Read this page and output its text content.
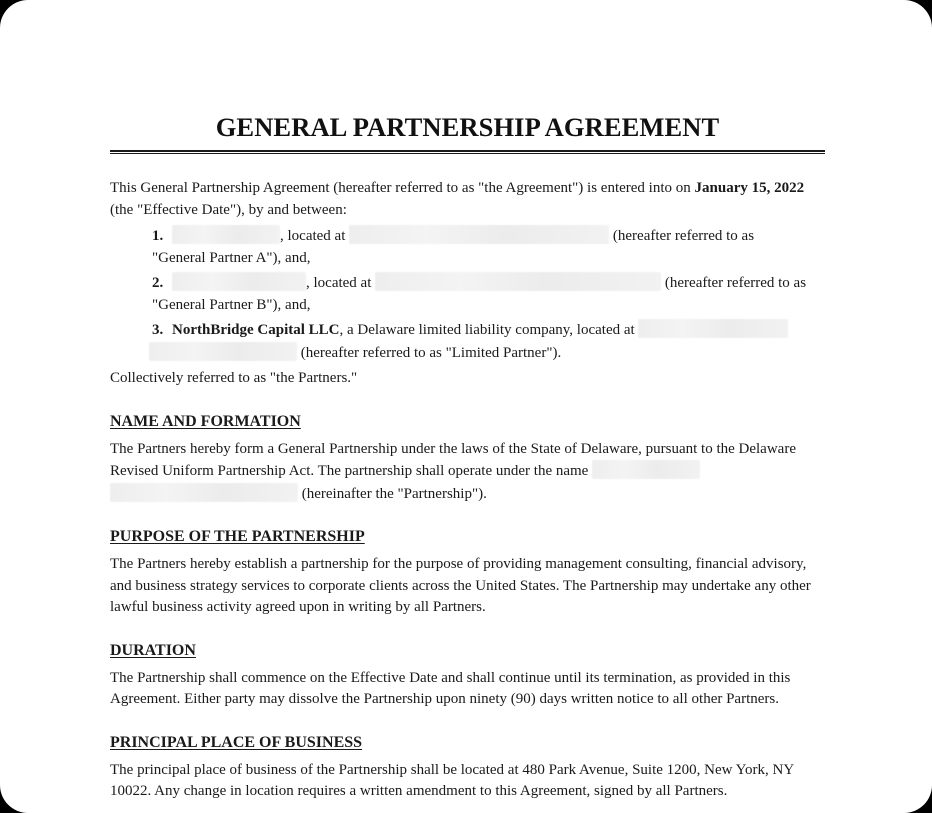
GENERAL PARTNERSHIP AGREEMENT

This General Partnership Agreement (hereafter referred to as "the Agreement") is entered into on January 15, 2022 (the "Effective Date"), by and between:

1.	, located at	(hereafter referred to as
"General Partner A"), and,
2.	, located at	(hereafter referred to as
"General Partner B"), and,
3. NorthBridge Capital LLC, a Delaware limited liability company, located at
(hereafter referred to as "Limited Partner").

Collectively referred to as "the Partners."

NAME AND FORMATION

The Partners hereby form a General Partnership under the laws of the State of Delaware, pursuant to the Delaware Revised Uniform Partnership Act. The partnership shall operate under the name   (hereinafter the "Partnership").

PURPOSE OF THE PARTNERSHIP

The Partners hereby establish a partnership for the purpose of providing management consulting, financial advisory, and business strategy services to corporate clients across the United States. The Partnership may undertake any other lawful business activity agreed upon in writing by all Partners.

DURATION

The Partnership shall commence on the Effective Date and shall continue until its termination, as provided in this Agreement. Either party may dissolve the Partnership upon ninety (90) days written notice to all other Partners.

PRINCIPAL PLACE OF BUSINESS

The principal place of business of the Partnership shall be located at 480 Park Avenue, Suite 1200, New York, NY 10022. Any change in location requires a written amendment to this Agreement, signed by all Partners.
